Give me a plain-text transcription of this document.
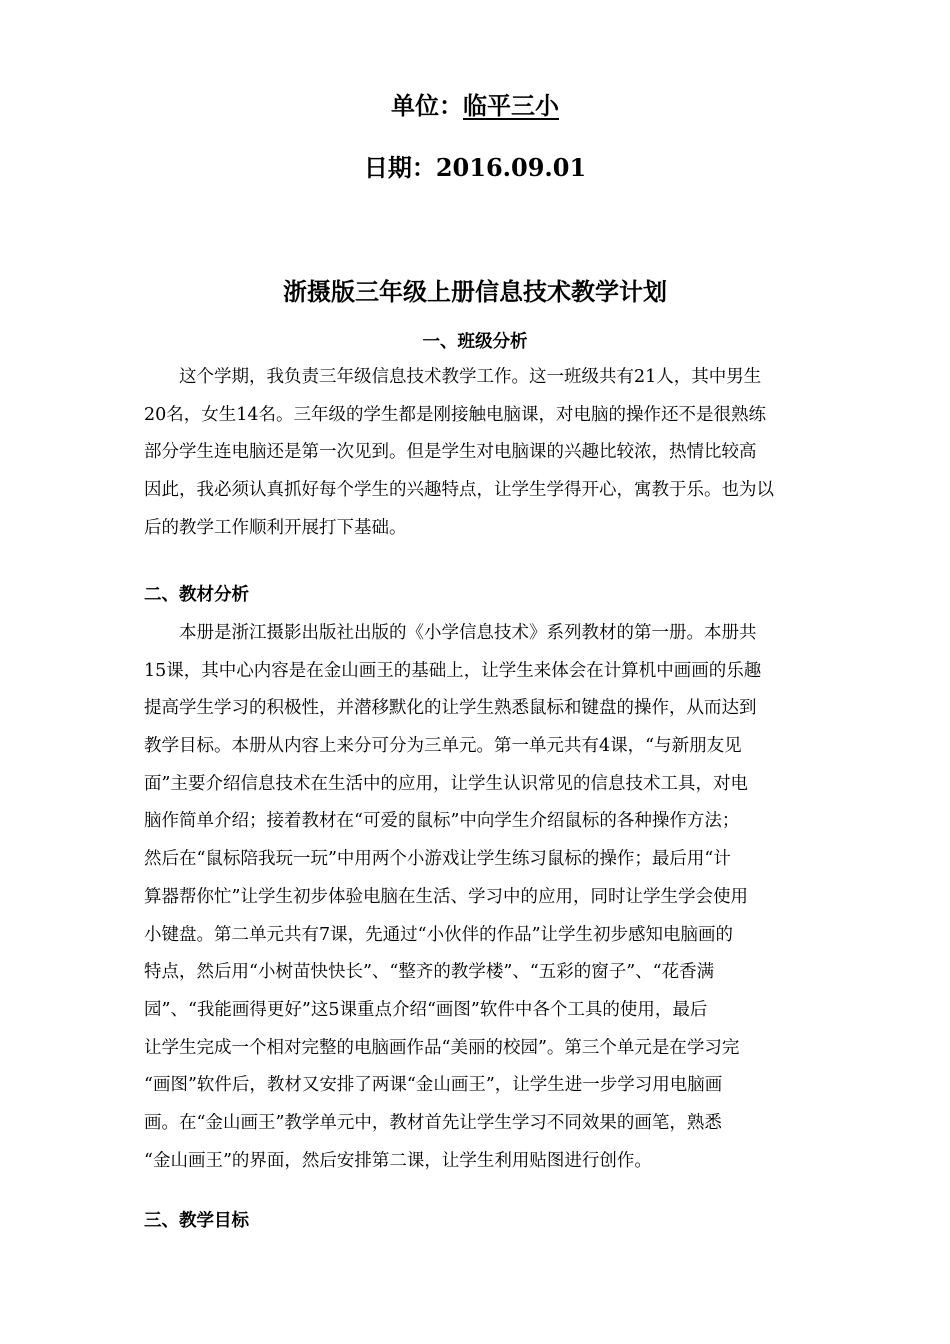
单位：临平三小
日期：2016.09.01
浙摄版三年级上册信息技术教学计划
一、班级分析
这个学期，我负责三年级信息技术教学工作。这一班级共有21人，其中男生
20名，女生14名。三年级的学生都是刚接触电脑课，对电脑的操作还不是很熟练
部分学生连电脑还是第一次见到。但是学生对电脑课的兴趣比较浓，热情比较高
因此，我必须认真抓好每个学生的兴趣特点，让学生学得开心，寓教于乐。也为以
后的教学工作顺利开展打下基础。
二、教材分析
本册是浙江摄影出版社出版的《小学信息技术》系列教材的第一册。本册共
15课，其中心内容是在金山画王的基础上，让学生来体会在计算机中画画的乐趣
提高学生学习的积极性，并潜移默化的让学生熟悉鼠标和键盘的操作，从而达到
教学目标。本册从内容上来分可分为三单元。第一单元共有4课，“与新朋友见
面”主要介绍信息技术在生活中的应用，让学生认识常见的信息技术工具，对电
脑作简单介绍；接着教材在“可爱的鼠标”中向学生介绍鼠标的各种操作方法；
然后在“鼠标陪我玩一玩”中用两个小游戏让学生练习鼠标的操作；最后用“计
算器帮你忙”让学生初步体验电脑在生活、学习中的应用，同时让学生学会使用
小键盘。第二单元共有7课，先通过“小伙伴的作品”让学生初步感知电脑画的
特点，然后用“小树苗快快长”、“整齐的教学楼”、“五彩的窗子”、“花香满
园”、“我能画得更好”这5课重点介绍“画图”软件中各个工具的使用，最后
让学生完成一个相对完整的电脑画作品“美丽的校园”。第三个单元是在学习完
“画图”软件后，教材又安排了两课“金山画王”，让学生进一步学习用电脑画
画。在“金山画王”教学单元中，教材首先让学生学习不同效果的画笔，熟悉
“金山画王”的界面，然后安排第二课，让学生利用贴图进行创作。
三、教学目标
